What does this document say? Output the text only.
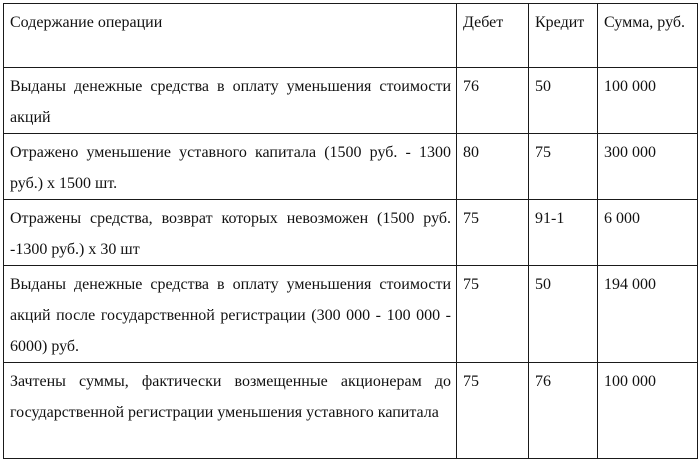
Содержание операции	Дебет	Кредит	Сумма, руб.
Выданы денежные средства в оплату уменьшения стоимости акций	76	50	100 000
Отражено уменьшение уставного капитала (1500 руб. - 1300 руб.) х 1500 шт.	80	75	300 000
Отражены средства, возврат которых невозможен (1500 руб. -1300 руб.) х 30 шт	75	91-1	6 000
Выданы денежные средства в оплату уменьшения стоимости акций после государственной регистрации (300 000 - 100 000 - 6000) руб.	75	50	194 000
Зачтены суммы, фактически возмещенные акционерам до государственной регистрации уменьшения уставного капитала	75	76	100 000
